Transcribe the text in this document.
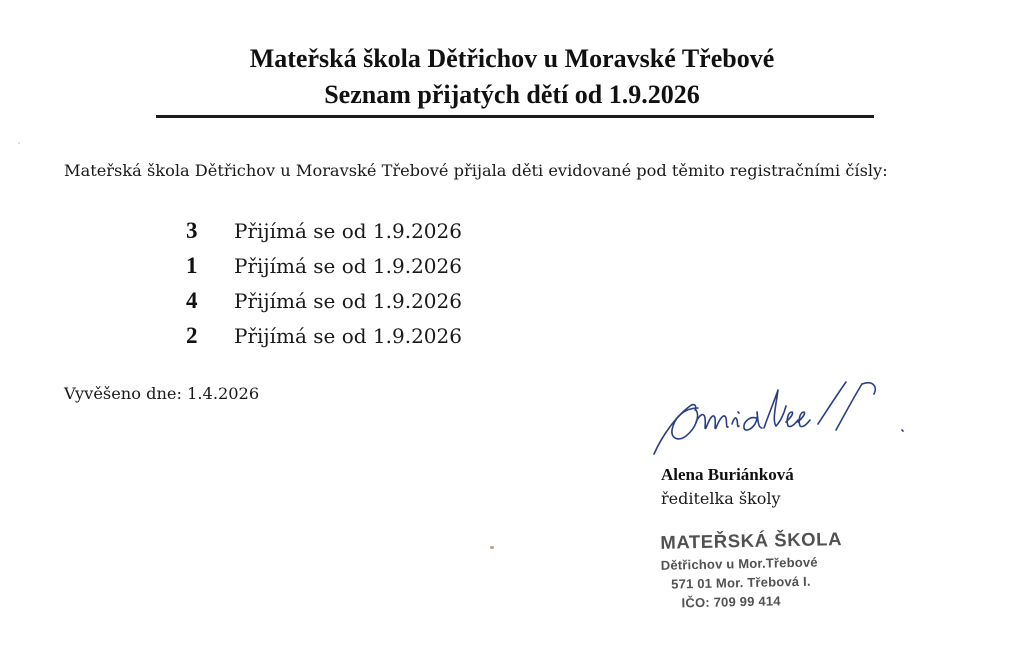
Mateřská škola Dětřichov u Moravské Třebové
Seznam přijatých dětí od 1.9.2026
Mateřská škola Dětřichov u Moravské Třebové přijala děti evidované pod těmito registračními čísly:
3	Přijímá se od 1.9.2026
1	Přijímá se od 1.9.2026
4	Přijímá se od 1.9.2026
2	Přijímá se od 1.9.2026
Vyvěšeno dne: 1.4.2026
Alena Buriánková
ředitelka školy
MATEŘSKÁ ŠKOLA
Dětřichov u Mor.Třebové
571 01 Mor. Třebová I.
IČO: 709 99 414
